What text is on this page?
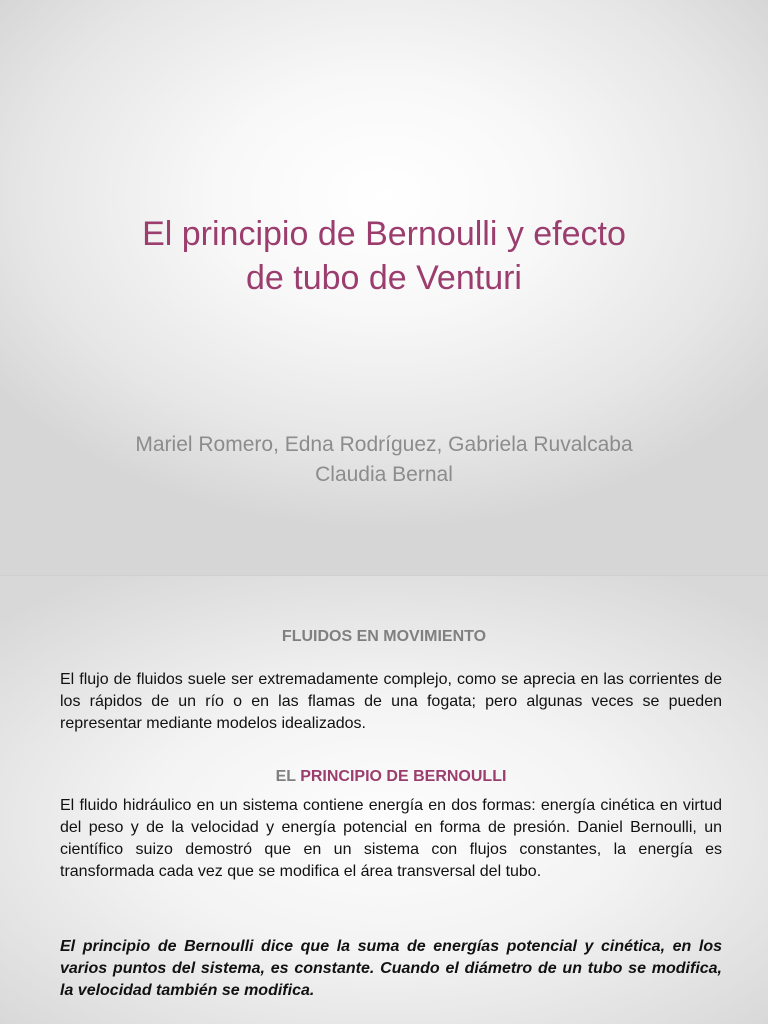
El principio de Bernoulli y efecto
de tubo de Venturi
Mariel Romero, Edna Rodríguez, Gabriela Ruvalcaba
Claudia Bernal
FLUIDOS EN MOVIMIENTO
El flujo de fluidos suele ser extremadamente complejo, como se aprecia en las corrientes de los rápidos de un río o en las flamas de una fogata; pero algunas veces se pueden representar mediante modelos idealizados.
EL PRINCIPIO DE BERNOULLI
El fluido hidráulico en un sistema contiene energía en dos formas: energía cinética en virtud del peso y de la velocidad y energía potencial en forma de presión. Daniel Bernoulli, un científico suizo demostró que en un sistema con flujos constantes, la energía es transformada cada vez que se modifica el área transversal del tubo.
El principio de Bernoulli dice que la suma de energías potencial y cinética, en los varios puntos del sistema, es constante. Cuando el diámetro de un tubo se modifica, la velocidad también se modifica.
